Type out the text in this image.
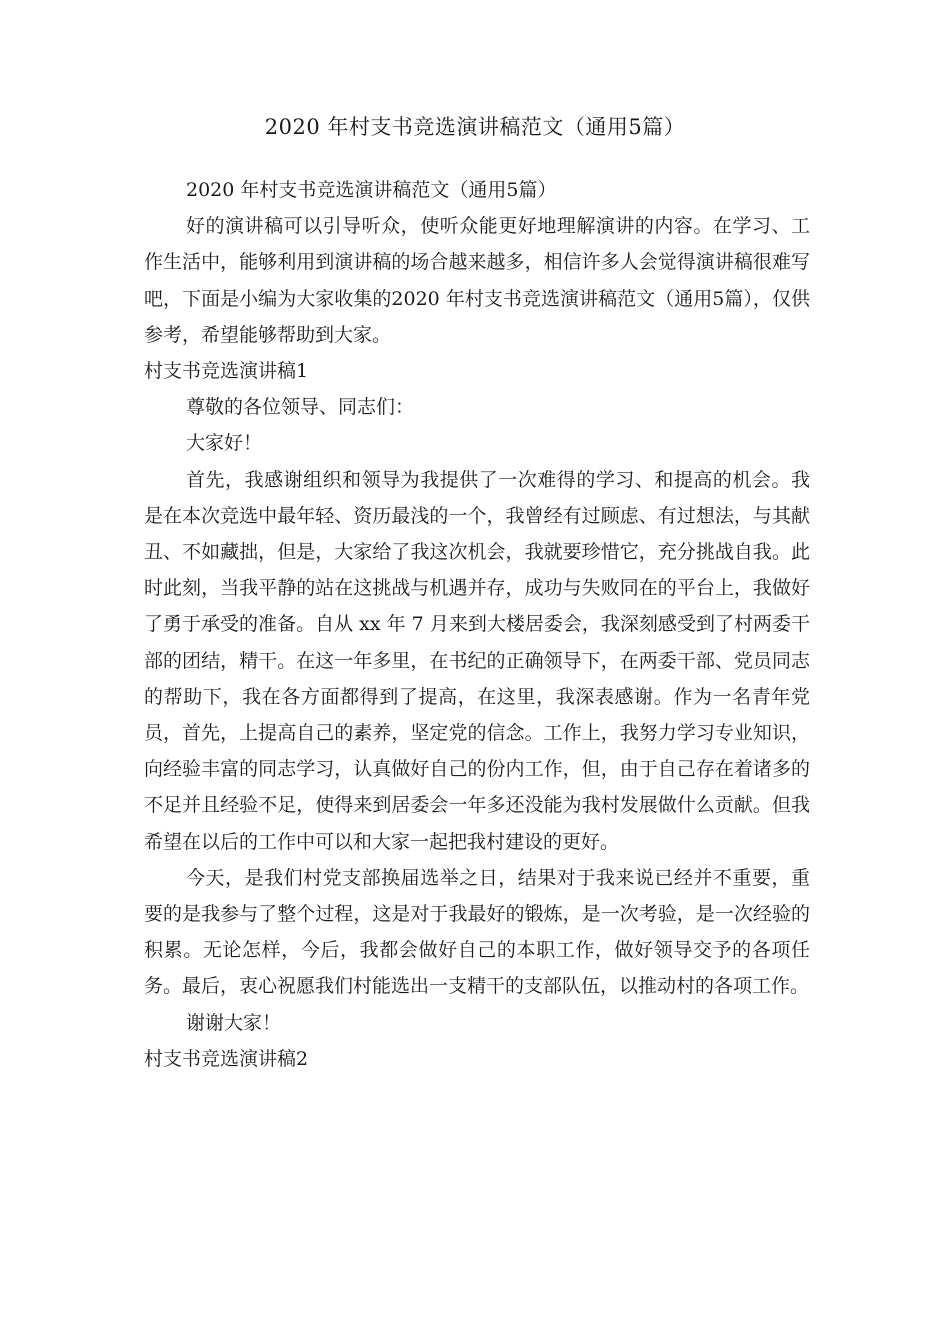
2020 年村支书竞选演讲稿范文（通用5篇）

2020 年村支书竞选演讲稿范文（通用5篇）

好的演讲稿可以引导听众，使听众能更好地理解演讲的内容。在学习、工作生活中，能够利用到演讲稿的场合越来越多，相信许多人会觉得演讲稿很难写吧，下面是小编为大家收集的2020 年村支书竞选演讲稿范文（通用5篇），仅供参考，希望能够帮助到大家。

村支书竞选演讲稿1

尊敬的各位领导、同志们：

大家好！

首先，我感谢组织和领导为我提供了一次难得的学习、和提高的机会。我是在本次竞选中最年轻、资历最浅的一个，我曾经有过顾虑、有过想法，与其献丑、不如藏拙，但是，大家给了我这次机会，我就要珍惜它，充分挑战自我。此时此刻，当我平静的站在这挑战与机遇并存，成功与失败同在的平台上，我做好了勇于承受的准备。自从 xx 年 7 月来到大楼居委会，我深刻感受到了村两委干部的团结，精干。在这一年多里，在书纪的正确领导下，在两委干部、党员同志的帮助下，我在各方面都得到了提高，在这里，我深表感谢。作为一名青年党员，首先，上提高自己的素养，坚定党的信念。工作上，我努力学习专业知识，向经验丰富的同志学习，认真做好自己的份内工作，但，由于自己存在着诸多的不足并且经验不足，使得来到居委会一年多还没能为我村发展做什么贡献。但我希望在以后的工作中可以和大家一起把我村建设的更好。

今天，是我们村党支部换届选举之日，结果对于我来说已经并不重要，重要的是我参与了整个过程，这是对于我最好的锻炼，是一次考验，是一次经验的积累。无论怎样，今后，我都会做好自己的本职工作，做好领导交予的各项任务。最后，衷心祝愿我们村能选出一支精干的支部队伍，以推动村的各项工作。

谢谢大家！

村支书竞选演讲稿2
